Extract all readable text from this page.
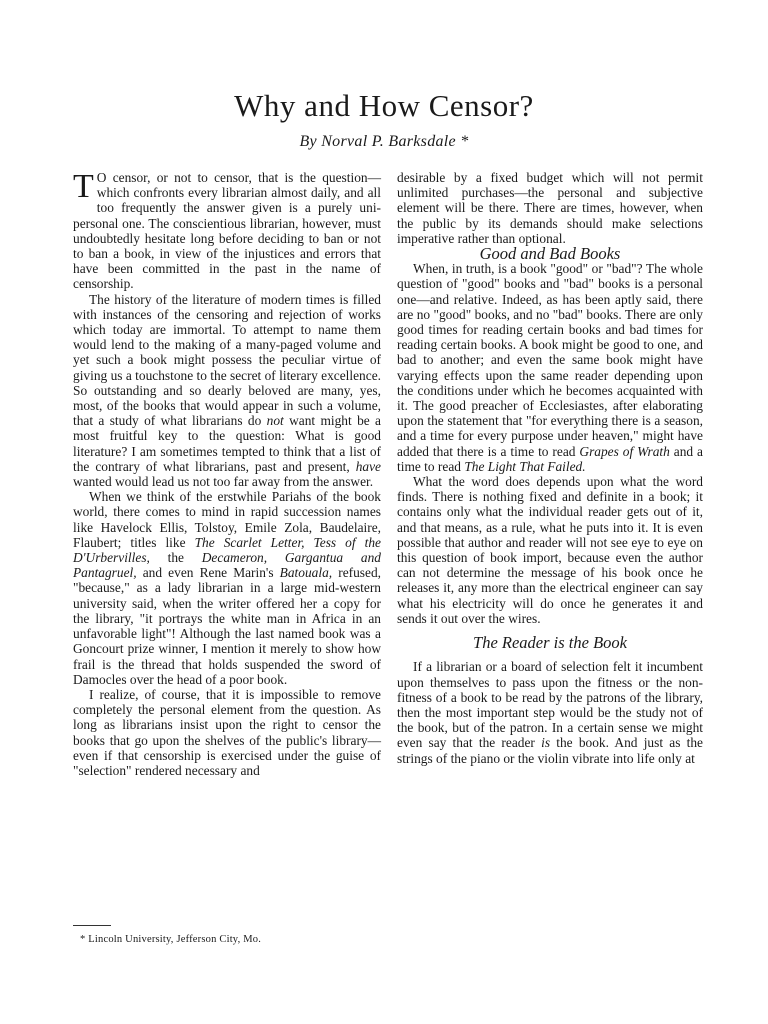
Why and How Censor?
By Norval P. Barksdale *

T O censor, or not to censor, that is the question—which confronts every librarian almost daily, and all too frequently the answer given is a purely uni-personal one. The conscientious librarian, however, must undoubtedly hesitate long before deciding to ban or not to ban a book, in view of the injustices and errors that have been committed in the past in the name of censorship.

The history of the literature of modern times is filled with instances of the censoring and rejection of works which today are immortal. To attempt to name them would lend to the making of a many-paged volume and yet such a book might possess the peculiar virtue of giving us a touchstone to the secret of literary excellence. So outstanding and so dearly beloved are many, yes, most, of the books that would appear in such a volume, that a study of what librarians do not want might be a most fruitful key to the question: What is good literature? I am sometimes tempted to think that a list of the contrary of what librarians, past and present, have wanted would lead us not too far away from the answer.

When we think of the erstwhile Pariahs of the book world, there comes to mind in rapid succession names like Havelock Ellis, Tolstoy, Emile Zola, Baudelaire, Flaubert; titles like The Scarlet Letter, Tess of the D'Urbervilles, the Decameron, Gargantua and Pantagruel, and even Rene Marin's Batouala, refused, "because," as a lady librarian in a large mid-western university said, when the writer offered her a copy for the library, "it portrays the white man in Africa in an unfavorable light"! Although the last named book was a Goncourt prize winner, I mention it merely to show how frail is the thread that holds suspended the sword of Damocles over the head of a poor book.

I realize, of course, that it is impossible to remove completely the personal element from the question. As long as librarians insist upon the right to censor the books that go upon the shelves of the public's library—even if that censorship is exercised under the guise of "selection" rendered necessary and

desirable by a fixed budget which will not permit unlimited purchases—the personal and subjective element will be there. There are times, however, when the public by its demands should make selections imperative rather than optional.

Good and Bad Books

When, in truth, is a book "good" or "bad"? The whole question of "good" books and "bad" books is a personal one—and relative. Indeed, as has been aptly said, there are no "good" books, and no "bad" books. There are only good times for reading certain books and bad times for reading certain books. A book might be good to one, and bad to another; and even the same book might have varying effects upon the same reader depending upon the conditions under which he becomes acquainted with it. The good preacher of Ecclesiastes, after elaborating upon the statement that "for everything there is a season, and a time for every purpose under heaven," might have added that there is a time to read Grapes of Wrath and a time to read The Light That Failed.

What the word does depends upon what the word finds. There is nothing fixed and definite in a book; it contains only what the individual reader gets out of it, and that means, as a rule, what he puts into it. It is even possible that author and reader will not see eye to eye on this question of book import, because even the author can not determine the message of his book once he releases it, any more than the electrical engineer can say what his electricity will do once he generates it and sends it out over the wires.

The Reader is the Book

If a librarian or a board of selection felt it incumbent upon themselves to pass upon the fitness or the non-fitness of a book to be read by the patrons of the library, then the most important step would be the study not of the book, but of the patron. In a certain sense we might even say that the reader is the book. And just as the strings of the piano or the violin vibrate into life only at

* Lincoln University, Jefferson City, Mo.
